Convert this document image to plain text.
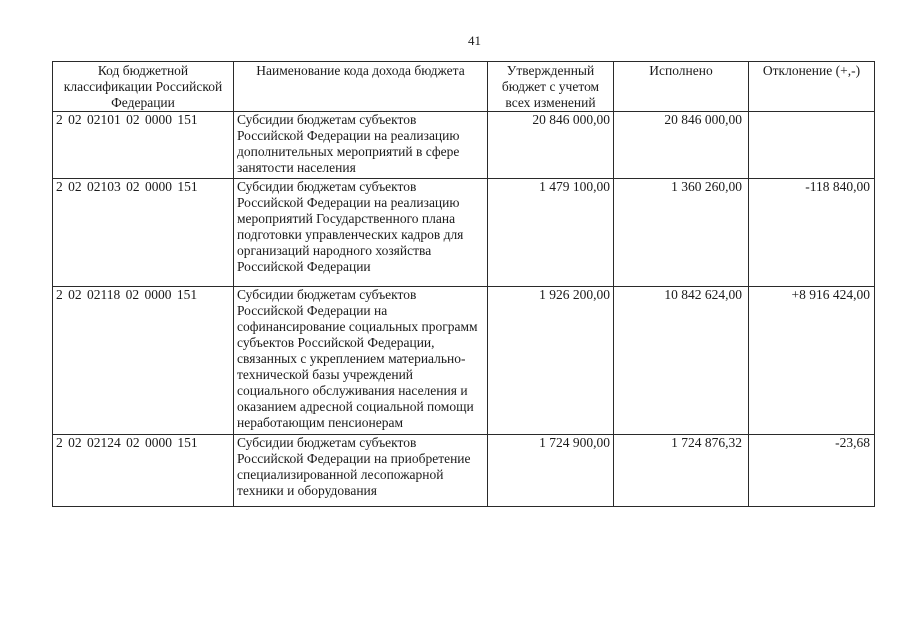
41
Код бюджетной классификации Российской Федерации	Наименование кода дохода бюджета	Утвержденный бюджет с учетом всех изменений	Исполнено	Отклонение (+,-)
2 02 02101 02 0000 151	Субсидии бюджетам субъектов Российской Федерации на реализацию дополнительных мероприятий в сфере занятости населения	20 846 000,00	20 846 000,00	
2 02 02103 02 0000 151	Субсидии бюджетам субъектов Российской Федерации на реализацию мероприятий Государственного плана подготовки управленческих кадров для организаций народного хозяйства Российской Федерации	1 479 100,00	1 360 260,00	-118 840,00
2 02 02118 02 0000 151	Субсидии бюджетам субъектов Российской Федерации на софинансирование социальных программ субъектов Российской Федерации, связанных с укреплением материально-технической базы учреждений социального обслуживания населения и оказанием адресной социальной помощи неработающим пенсионерам	1 926 200,00	10 842 624,00	+8 916 424,00
2 02 02124 02 0000 151	Субсидии бюджетам субъектов Российской Федерации на приобретение специализированной лесопожарной техники и оборудования	1 724 900,00	1 724 876,32	-23,68
